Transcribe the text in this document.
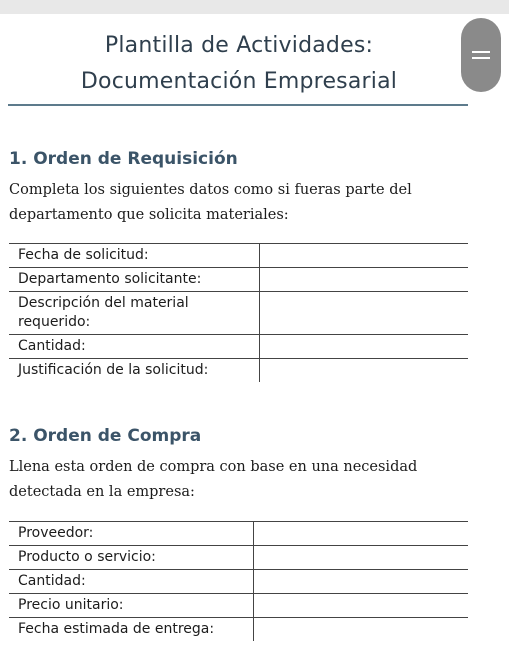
Plantilla de Actividades:
Documentación Empresarial
1. Orden de Requisición
Completa los siguientes datos como si fueras parte del departamento que solicita materiales:
Fecha de solicitud:	
Departamento solicitante:	
Descripción del material requerido:	
Cantidad:	
Justificación de la solicitud:	
2. Orden de Compra
Llena esta orden de compra con base en una necesidad detectada en la empresa:
Proveedor:	
Producto o servicio:	
Cantidad:	
Precio unitario:	
Fecha estimada de entrega:	
